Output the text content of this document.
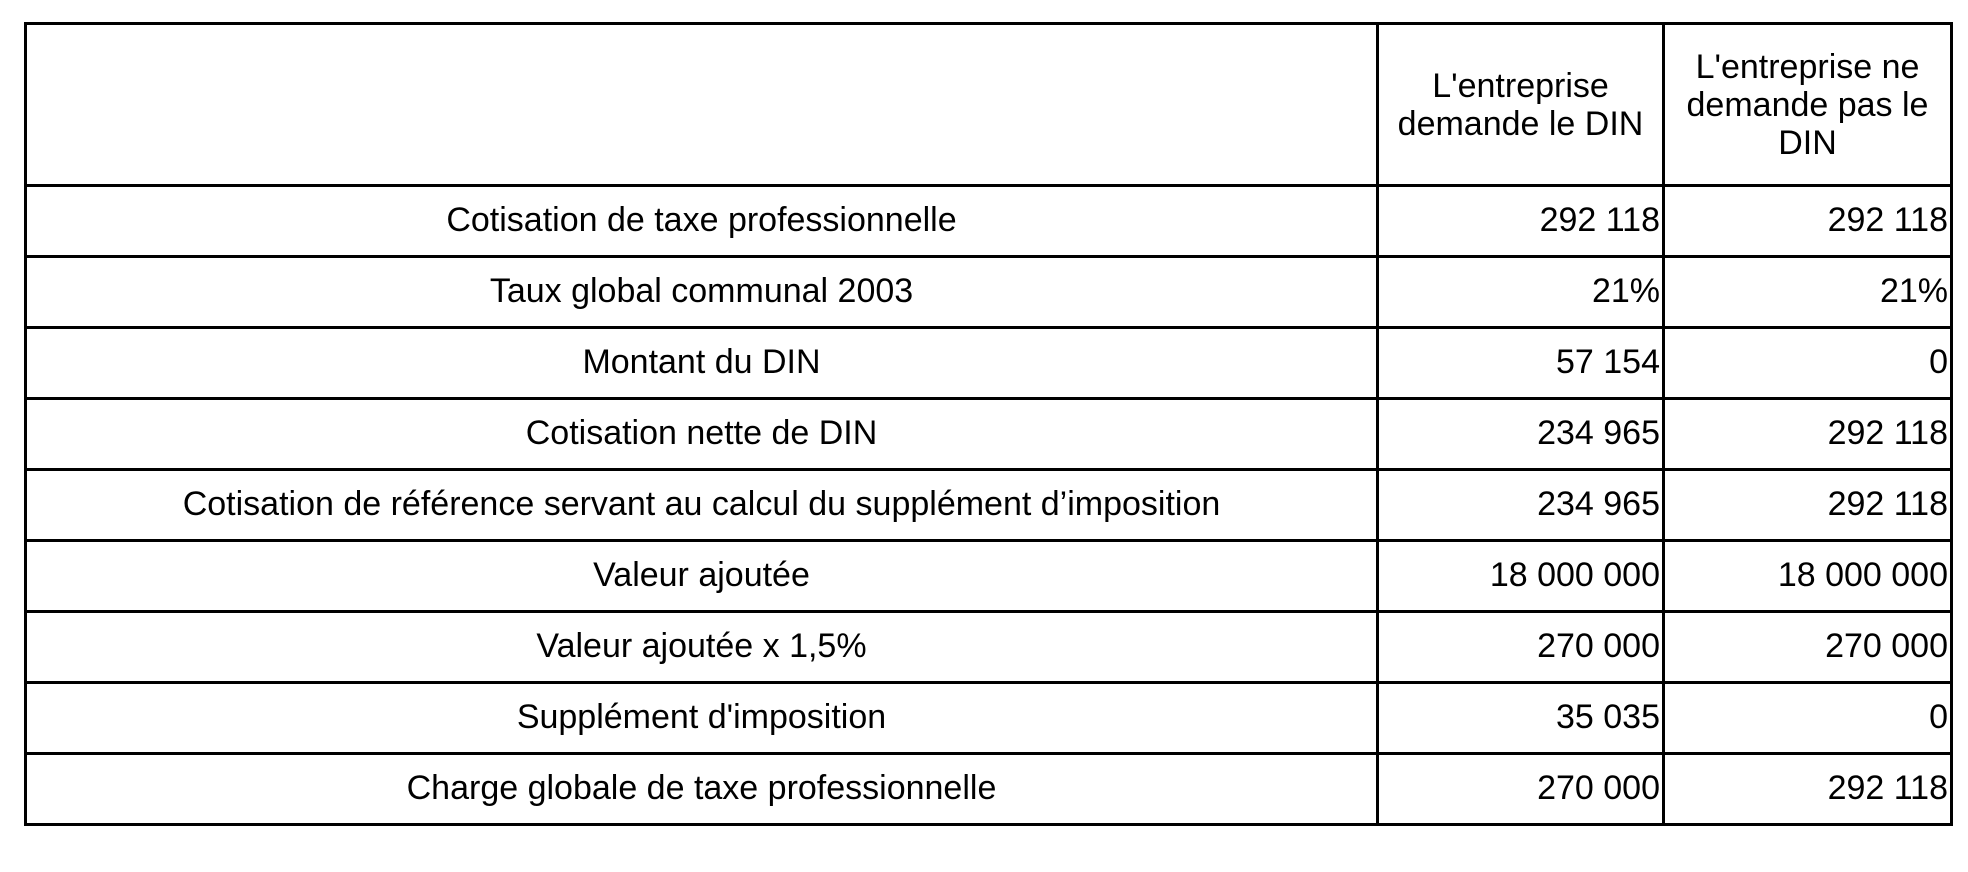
	L'entreprise demande le DIN	L'entreprise ne demande pas le DIN
Cotisation de taxe professionnelle	292 118	292 118
Taux global communal 2003	21%	21%
Montant du DIN	57 154	0
Cotisation nette de DIN	234 965	292 118
Cotisation de référence servant au calcul du supplément d’imposition	234 965	292 118
Valeur ajoutée	18 000 000	18 000 000
Valeur ajoutée x 1,5%	270 000	270 000
Supplément d'imposition	35 035	0
Charge globale de taxe professionnelle	270 000	292 118
